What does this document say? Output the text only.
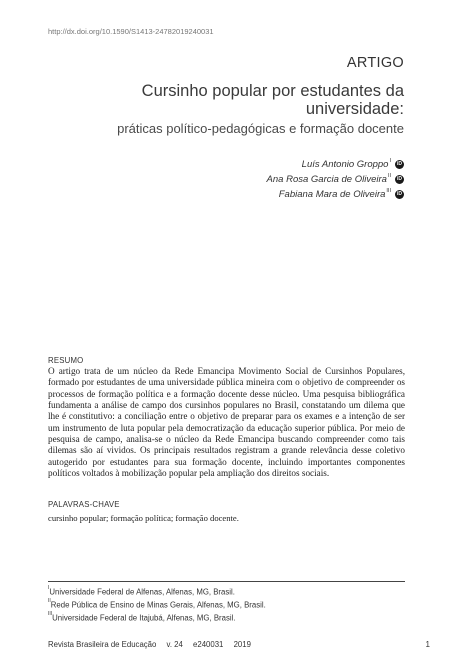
http://dx.doi.org/10.1590/S1413-24782019240031
ARTIGO
Cursinho popular por estudantes da universidade:
práticas político-pedagógicas e formação docente
Luís Antonio Groppo$^I$	iD
Ana Rosa Garcia de Oliveira$^{II}$	iD
Fabiana Mara de Oliveira$^{III}$	iD
RESUMO
O artigo trata de um núcleo da Rede Emancipa Movimento Social de Cursinhos Populares, formado por estudantes de uma universidade pública mineira com o objetivo de compreender os processos de formação política e a formação docente desse núcleo. Uma pesquisa bibliográfica fundamenta a análise de campo dos cursinhos populares no Brasil, constatando um dilema que lhe é constitutivo: a conciliação entre o objetivo de preparar para os exames e a intenção de ser um instrumento de luta popular pela democratização da educação superior pública. Por meio de pesquisa de campo, analisa-se o núcleo da Rede Emancipa buscando compreender como tais dilemas são aí vividos. Os principais resultados registram a grande relevância desse coletivo autogerido por estudantes para sua formação docente, incluindo importantes componentes políticos voltados à mobilização popular pela ampliação dos direitos sociais.
PALAVRAS-CHAVE
cursinho popular; formação política; formação docente.
$^I$Universidade Federal de Alfenas, Alfenas, MG, Brasil.
$^{II}$Rede Pública de Ensino de Minas Gerais, Alfenas, MG, Brasil.
$^{III}$Universidade Federal de Itajubá, Alfenas, MG, Brasil.
Revista Brasileira de Educação v. 24 e240031 2019	1
